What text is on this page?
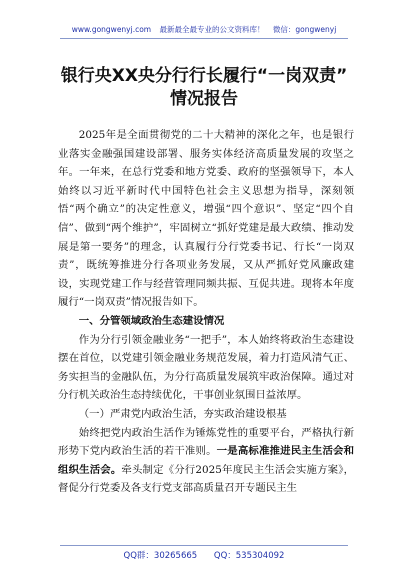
www.gongwenyj.com 最新最全最专业的公文资料库！ 微信：gongwenyj
银行央XX央分行行长履行“一岗双责”
情况报告

2025年是全面贯彻党的二十大精神的深化之年，也是银行业落实金融强国建设部署、服务实体经济高质量发展的攻坚之年。一年来，在总行党委和地方党委、政府的坚强领导下，本人始终以习近平新时代中国特色社会主义思想为指导，深刻领悟“两个确立”的决定性意义，增强“四个意识”、坚定“四个自信”、做到“两个维护”，牢固树立“抓好党建是最大政绩、推动发展是第一要务”的理念，认真履行分行党委书记、行长“一岗双责”，既统筹推进分行各项业务发展，又从严抓好党风廉政建设，实现党建工作与经营管理同频共振、互促共进。现将本年度履行“一岗双责”情况报告如下。

一、分管领域政治生态建设情况

作为分行引领金融业务“一把手”，本人始终将政治生态建设摆在首位，以党建引领金融业务规范发展，着力打造风清气正、务实担当的金融队伍，为分行高质量发展筑牢政治保障。通过对分行机关政治生态持续优化，干事创业氛围日益浓厚。

（一）严肃党内政治生活，夯实政治建设根基

始终把党内政治生活作为锤炼党性的重要平台，严格执行新形势下党内政治生活的若干准则。一是高标准推进民主生活会和组织生活会。牵头制定《分行2025年度民主生活会实施方案》，督促分行党委及各支行党支部高质量召开专题民主生

QQ群：30265665 QQ：535304092
